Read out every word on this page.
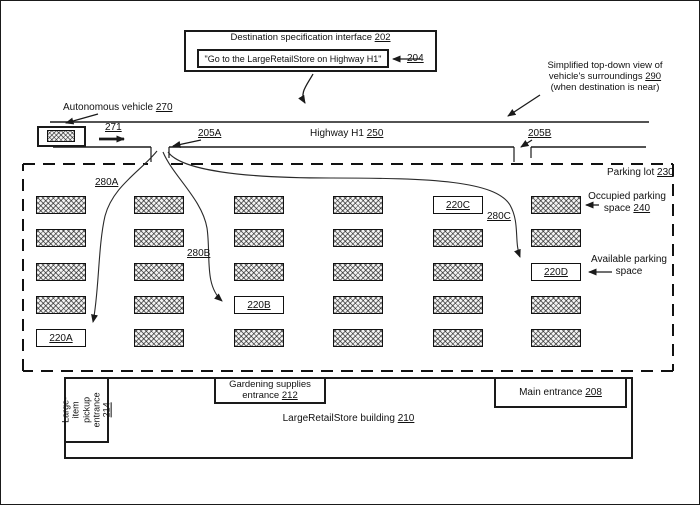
Destination specification interface 202
"Go to the LargeRetailStore on Highway H1"	204
Simplified top-down view of vehicle's surroundings 290 (when destination is near)
Autonomous vehicle 270
271
Highway H1 250
205A	205B
Parking lot 230
220C
220D
220B
220A
280A
280B
280C
Occupied parking space 240
Available parking space
Large-item pickup entrance 214
Gardening supplies entrance 212	Main entrance 208
LargeRetailStore building 210
